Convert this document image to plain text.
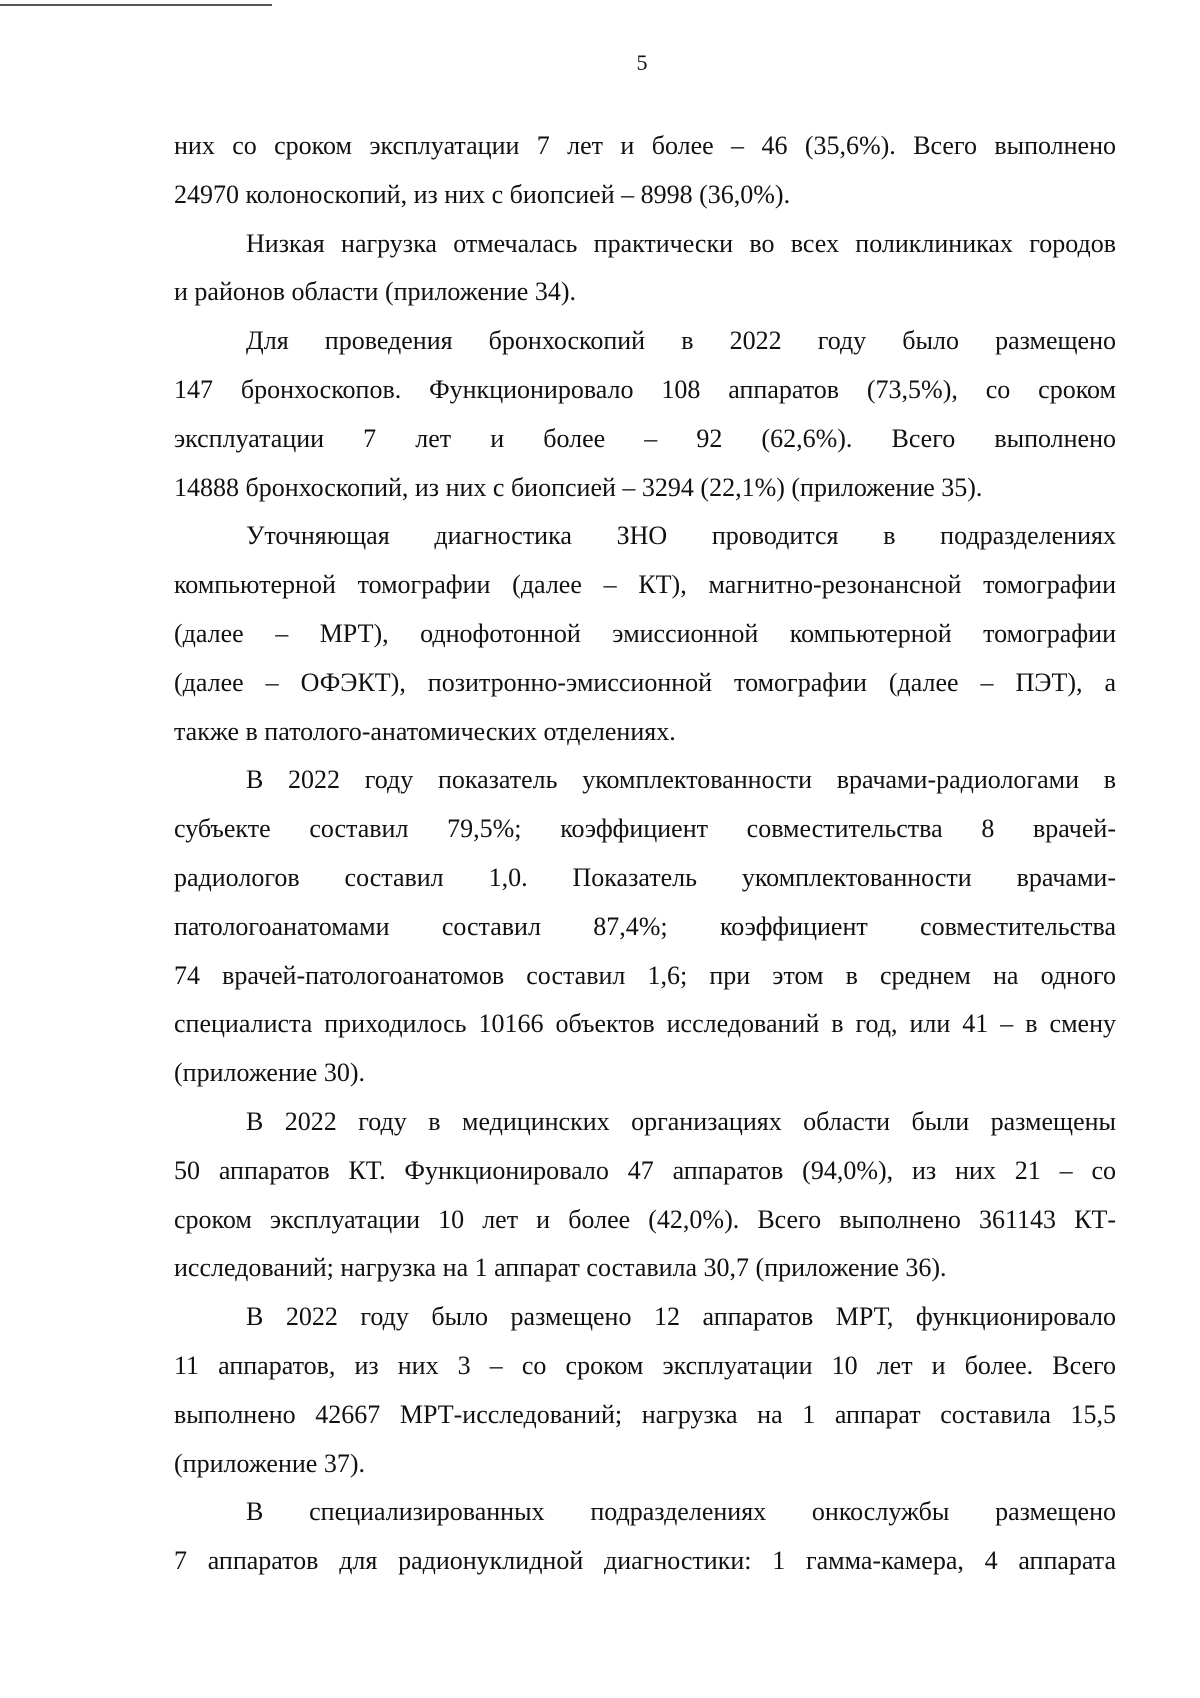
5

них со сроком эксплуатации 7 лет и более – 46 (35,6%). Всего выполнено
24970 колоноскопий, из них с биопсией – 8998 (36,0%).

Низкая нагрузка отмечалась практически во всех поликлиниках городов
и районов области (приложение 34).

Для проведения бронхоскопий в 2022 году было размещено
147 бронхоскопов. Функционировало 108 аппаратов (73,5%), со сроком
эксплуатации 7 лет и более – 92 (62,6%). Всего выполнено
14888 бронхоскопий, из них с биопсией – 3294 (22,1%) (приложение 35).

Уточняющая диагностика ЗНО проводится в подразделениях
компьютерной томографии (далее – КТ), магнитно-резонансной томографии
(далее – МРТ), однофотонной эмиссионной компьютерной томографии
(далее – ОФЭКТ), позитронно-эмиссионной томографии (далее – ПЭТ), а
также в патолого-анатомических отделениях.

В 2022 году показатель укомплектованности врачами-радиологами в
субъекте составил 79,5%; коэффициент совместительства 8 врачей-
радиологов составил 1,0. Показатель укомплектованности врачами-
патологоанатомами составил 87,4%; коэффициент совместительства
74 врачей-патологоанатомов составил 1,6; при этом в среднем на одного
специалиста приходилось 10166 объектов исследований в год, или 41 – в смену
(приложение 30).

В 2022 году в медицинских организациях области были размещены
50 аппаратов КТ. Функционировало 47 аппаратов (94,0%), из них 21 – со
сроком эксплуатации 10 лет и более (42,0%). Всего выполнено 361143 КТ-
исследований; нагрузка на 1 аппарат составила 30,7 (приложение 36).

В 2022 году было размещено 12 аппаратов МРТ, функционировало
11 аппаратов, из них 3 – со сроком эксплуатации 10 лет и более. Всего
выполнено 42667 МРТ-исследований; нагрузка на 1 аппарат составила 15,5
(приложение 37).

В специализированных подразделениях онкослужбы размещено
7 аппаратов для радионуклидной диагностики: 1 гамма-камера, 4 аппарата
